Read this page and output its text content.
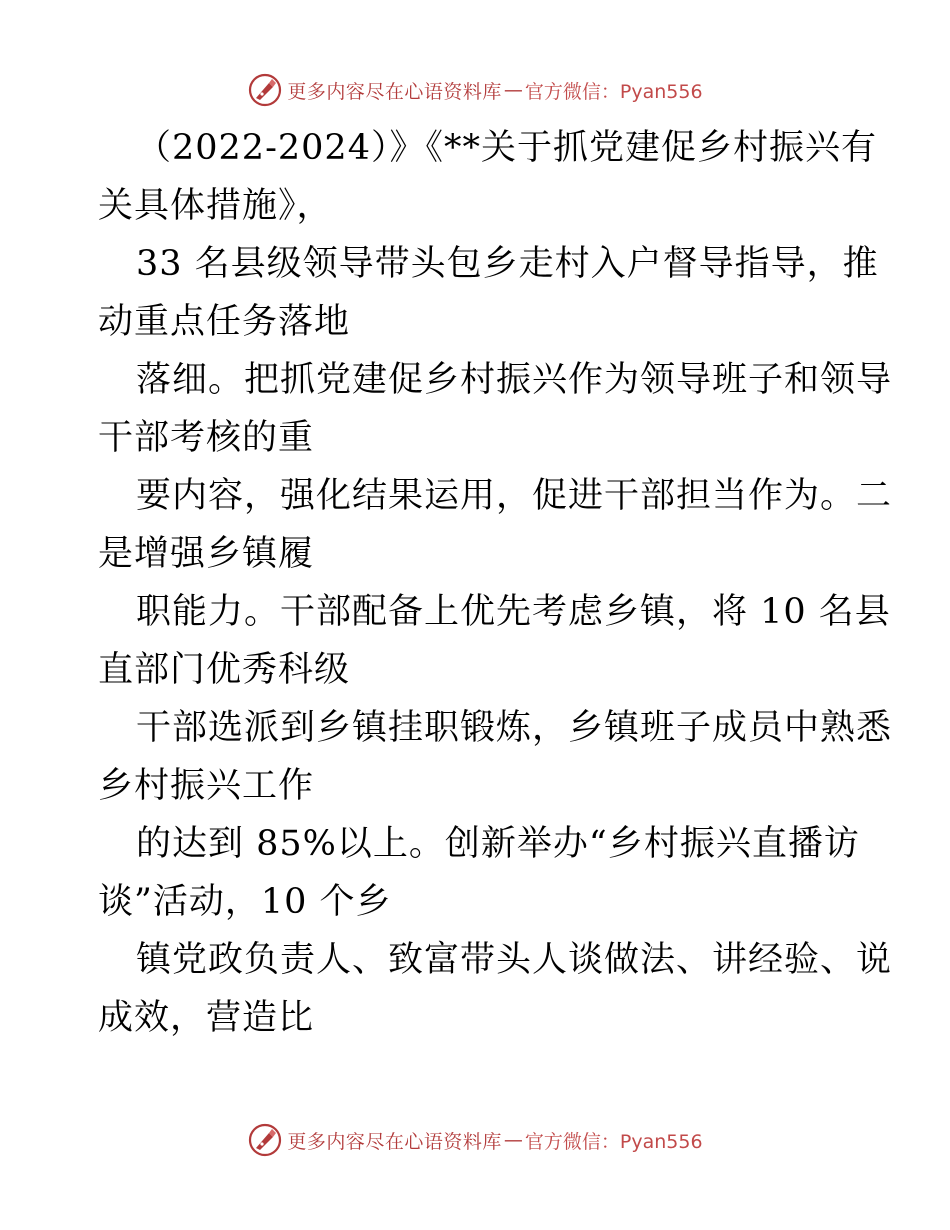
更多内容尽在心语资料库 — 官方微信：Pyan556
（2022-2024）》《**关于抓党建促乡村振兴有
关具体措施》，
33 名县级领导带头包乡走村入户督导指导，推
动重点任务落地
落细。把抓党建促乡村振兴作为领导班子和领导
干部考核的重
要内容，强化结果运用，促进干部担当作为。二
是增强乡镇履
职能力。干部配备上优先考虑乡镇，将 10 名县
直部门优秀科级
干部选派到乡镇挂职锻炼，乡镇班子成员中熟悉
乡村振兴工作
的达到 85%以上。创新举办“乡村振兴直播访
谈”活动，10 个乡
镇党政负责人、致富带头人谈做法、讲经验、说
成效，营造比
更多内容尽在心语资料库 — 官方微信：Pyan556
